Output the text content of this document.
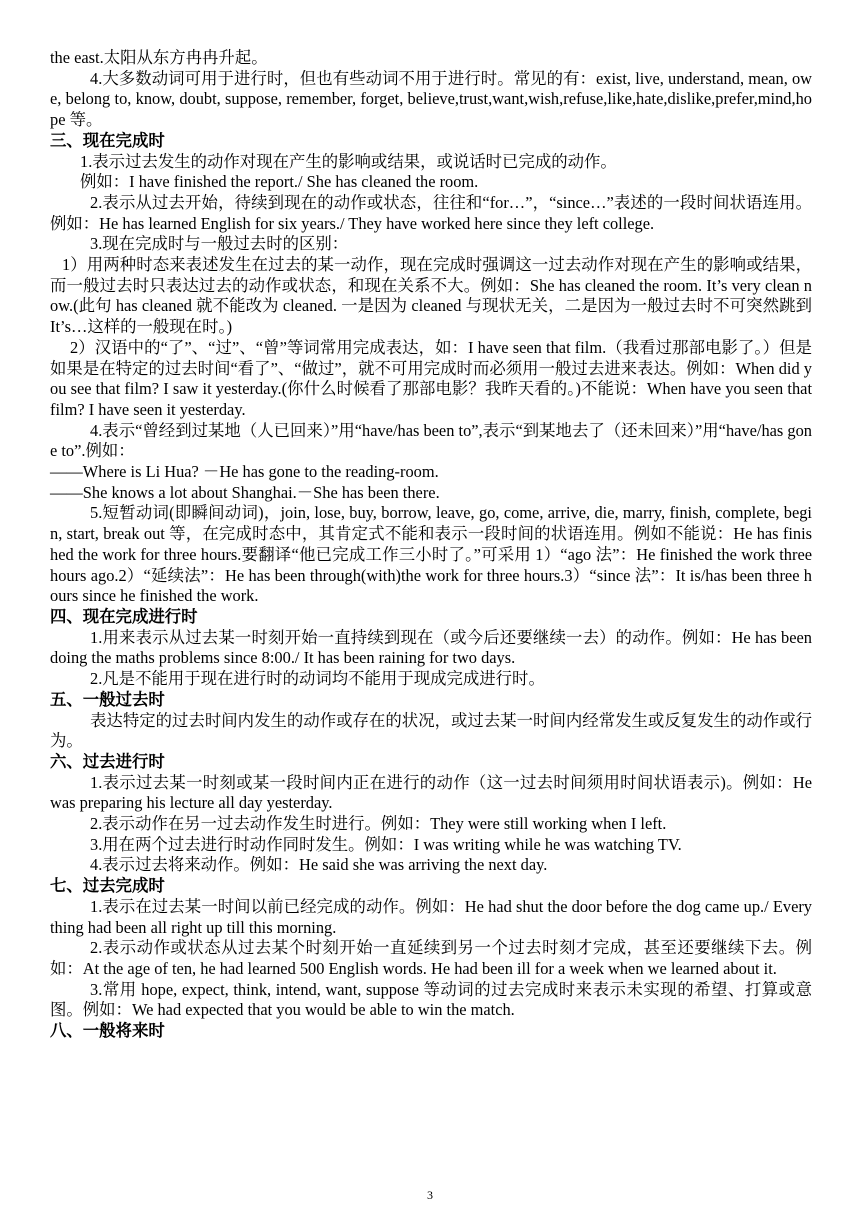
the east.太阳从东方冉冉升起。
4.大多数动词可用于进行时，但也有些动词不用于进行时。常见的有：exist, live, understand, mean, owe, belong to, know, doubt, suppose, remember, forget, believe,trust,want,wish,refuse,like,hate,dislike,prefer,mind,hope 等。
三、现在完成时
1.表示过去发生的动作对现在产生的影响或结果，或说话时已完成的动作。
例如：I have finished the report./ She has cleaned the room.
2.表示从过去开始，待续到现在的动作或状态，往往和“for…”，“since…”表述的一段时间状语连用。例如：He has learned English for six years./ They have worked here since they left college.
3.现在完成时与一般过去时的区别：
1）用两种时态来表述发生在过去的某一动作，现在完成时强调这一过去动作对现在产生的影响或结果，而一般过去时只表达过去的动作或状态，和现在关系不大。例如：She has cleaned the room. It’s very clean now.(此句 has cleaned 就不能改为 cleaned. 一是因为 cleaned 与现状无关，二是因为一般过去时不可突然跳到 It’s…这样的一般现在时。)
2）汉语中的“了”、“过”、“曾”等词常用完成表达，如：I have seen that film.（我看过那部电影了。）但是如果是在特定的过去时间“看了”、“做过”，就不可用完成时而必须用一般过去进来表达。例如：When did you see that film? I saw it yesterday.(你什么时候看了那部电影？我昨天看的。)不能说：When have you seen that film? I have seen it yesterday.
4.表示“曾经到过某地（人已回来）”用“have/has been to”,表示“到某地去了（还未回来）”用“have/has gone to”.例如：
——Where is Li Hua? －He has gone to the reading-room.
——She knows a lot about Shanghai.－She has been there.
5.短暂动词(即瞬间动词)，join, lose, buy, borrow, leave, go, come, arrive, die, marry, finish, complete, begin, start, break out 等，在完成时态中，其肯定式不能和表示一段时间的状语连用。例如不能说：He has finished the work for three hours.要翻译“他已完成工作三小时了。”可采用 1）“ago 法”：He finished the work three hours ago.2）“延续法”：He has been through(with)the work for three hours.3）“since 法”：It is/has been three hours since he finished the work.
四、现在完成进行时
1.用来表示从过去某一时刻开始一直持续到现在（或今后还要继续一去）的动作。例如：He has been doing the maths problems since 8:00./ It has been raining for two days.
2.凡是不能用于现在进行时的动词均不能用于现成完成进行时。
五、一般过去时
表达特定的过去时间内发生的动作或存在的状况，或过去某一时间内经常发生或反复发生的动作或行为。
六、过去进行时
1.表示过去某一时刻或某一段时间内正在进行的动作（这一过去时间须用时间状语表示)。例如：He was preparing his lecture all day yesterday.
2.表示动作在另一过去动作发生时进行。例如：They were still working when I left.
3.用在两个过去进行时动作同时发生。例如：I was writing while he was watching TV.
4.表示过去将来动作。例如：He said she was arriving the next day.
七、过去完成时
1.表示在过去某一时间以前已经完成的动作。例如：He had shut the door before the dog came up./ Everything had been all right up till this morning.
2.表示动作或状态从过去某个时刻开始一直延续到另一个过去时刻才完成，甚至还要继续下去。例如：At the age of ten, he had learned 500 English words. He had been ill for a week when we learned about it.
3.常用 hope, expect, think, intend, want, suppose 等动词的过去完成时来表示未实现的希望、打算或意图。例如：We had expected that you would be able to win the match.
八、一般将来时
3
